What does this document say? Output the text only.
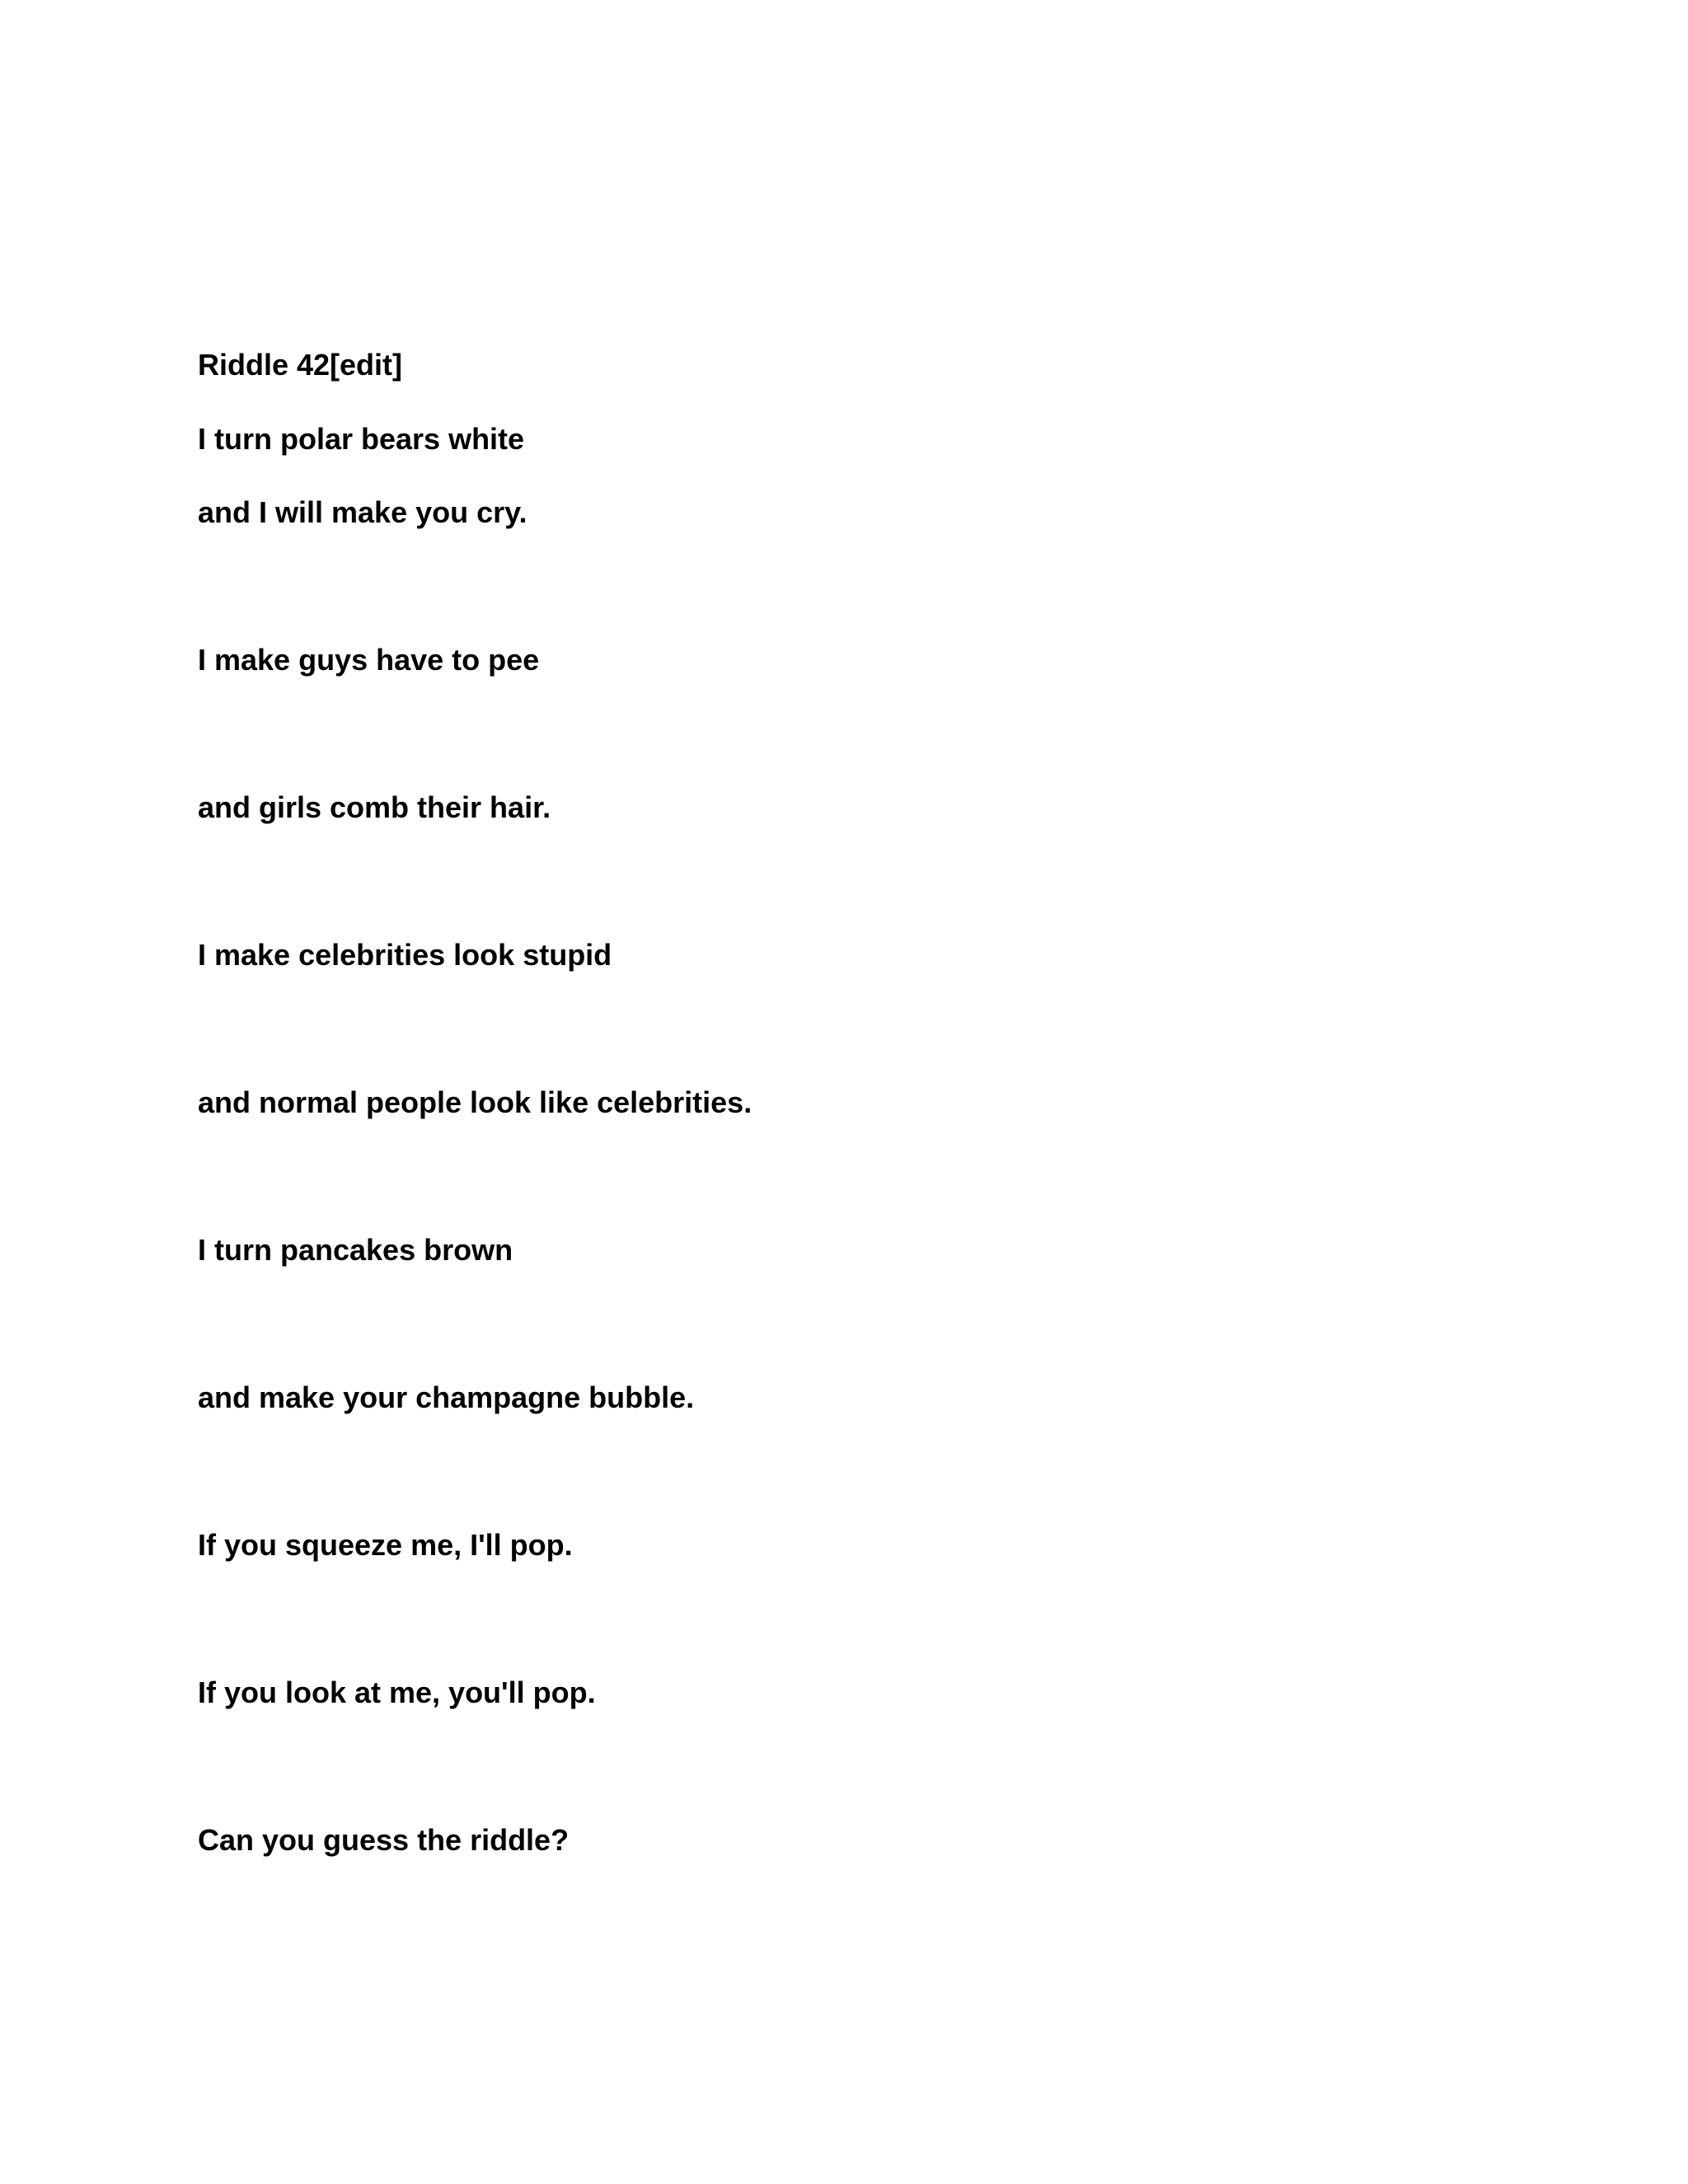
Riddle 42[edit]

I turn polar bears white

and I will make you cry.

I make guys have to pee

and girls comb their hair.

I make celebrities look stupid

and normal people look like celebrities.

I turn pancakes brown

and make your champagne bubble.

If you squeeze me, I'll pop.

If you look at me, you'll pop.

Can you guess the riddle?
